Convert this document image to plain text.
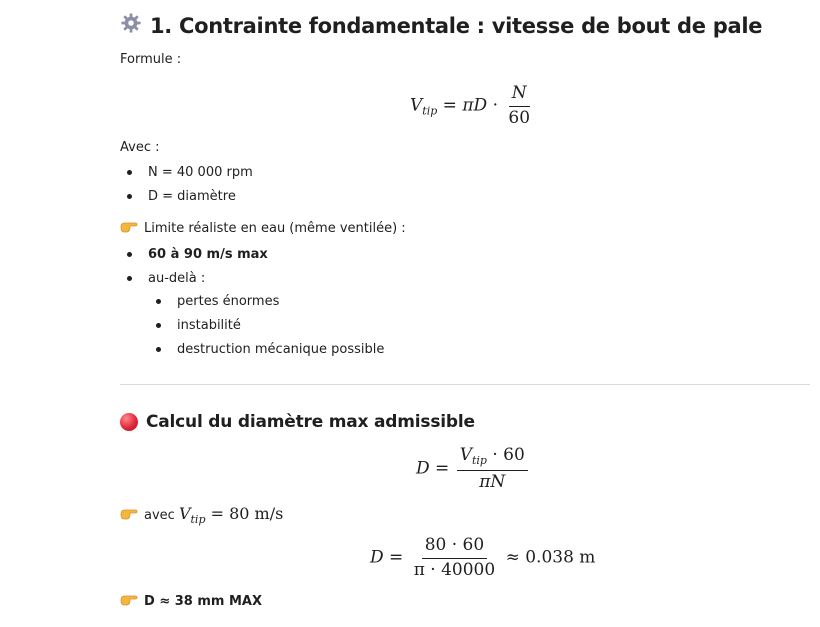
1. Contrainte fondamentale : vitesse de bout de pale

Formule :

$V_{tip} = \pi D \cdot \frac{N}{60}$

Avec :

N = 40 000 rpm
D = diamètre

Limite réaliste en eau (même ventilée) :

60 à 90 m/s max
au-delà :
pertes énormes
instabilité
destruction mécanique possible
Calcul du diamètre max admissible
$D = \frac{V_{tip} \cdot 60}{\pi N}$

avec $V_{tip} = 80$ m/s

$D = \frac{80 \cdot 60}{\pi \cdot 40000} \approx 0.038$ m

D ≈ 38 mm MAX
